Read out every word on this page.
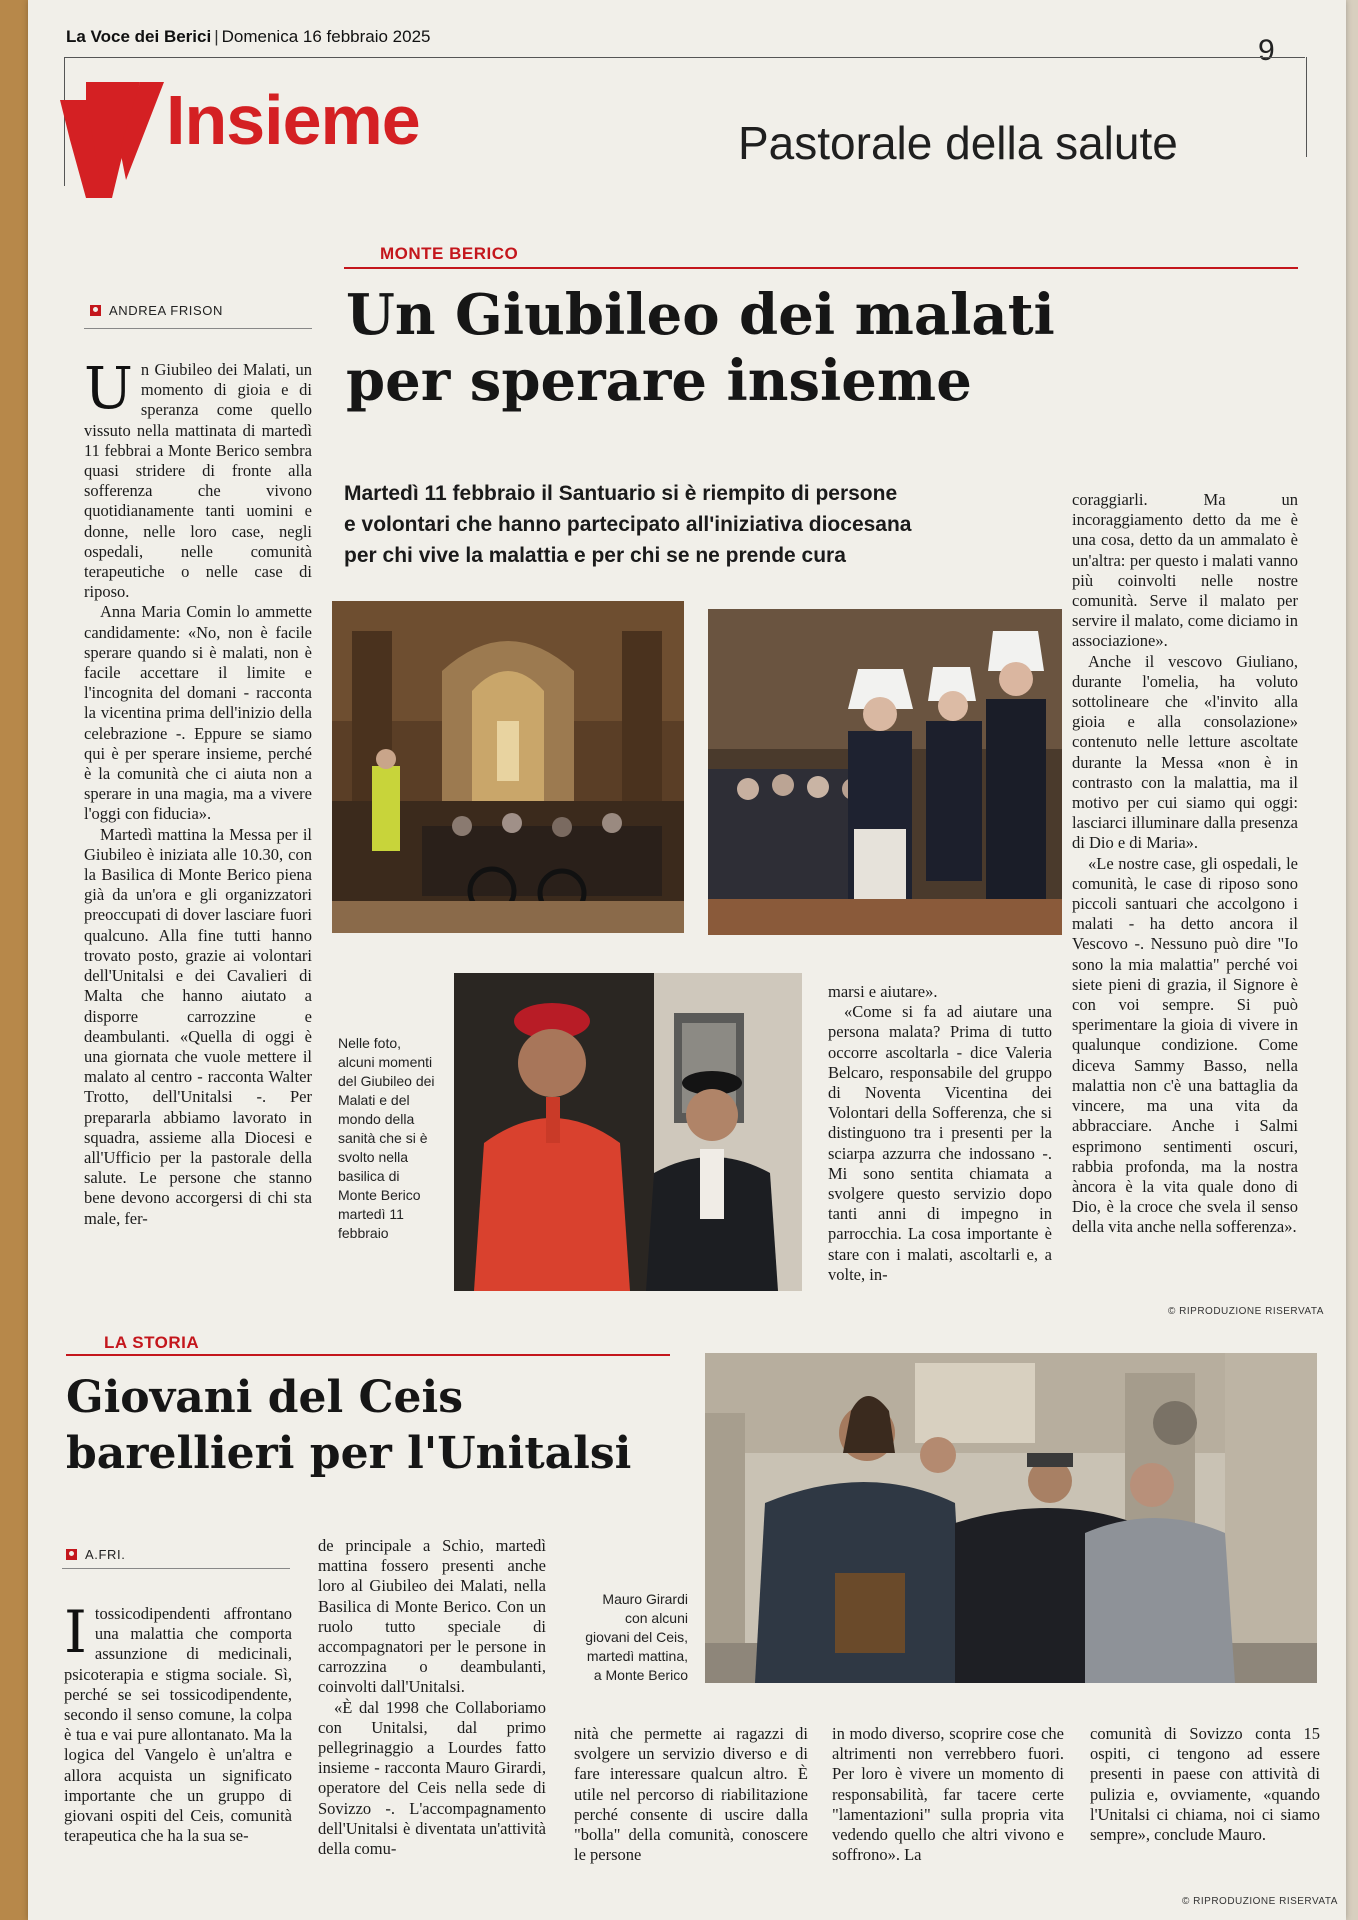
La Voce dei Berici | Domenica 16 febbraio 2025	9
Insieme	Pastorale della salute
MONTE BERICO
ANDREA FRISON Un Giubileo dei malati
per sperare insieme
Martedì 11 febbraio il Santuario si è riempito di persone
e volontari che hanno partecipato all'iniziativa diocesana
per chi vive la malattia e per chi se ne prende cura

Un Giubileo dei Malati, un momento di gioia e di speranza come quello vissuto nella mattinata di martedì 11 febbrai a Monte Berico sembra quasi stridere di fronte alla sofferenza che vivono quotidianamente tanti uomini e donne, nelle loro case, negli ospedali, nelle comunità terapeutiche o nelle case di riposo.

Anna Maria Comin lo ammette candidamente: «No, non è facile sperare quando si è malati, non è facile accettare il limite e l'incognita del domani - racconta la vicentina prima dell'inizio della celebrazione -. Eppure se siamo qui è per sperare insieme, perché è la comunità che ci aiuta non a sperare in una magia, ma a vivere l'oggi con fiducia».

Martedì mattina la Messa per il Giubileo è iniziata alle 10.30, con la Basilica di Monte Berico piena già da un'ora e gli organizzatori preoccupati di dover lasciare fuori qualcuno. Alla fine tutti hanno trovato posto, grazie ai volontari dell'Unitalsi e dei Cavalieri di Malta che hanno aiutato a disporre carrozzine e deambulanti. «Quella di oggi è una giornata che vuole mettere il malato al centro - racconta Walter Trotto, dell'Unitalsi -. Per prepararla abbiamo lavorato in squadra, assieme alla Diocesi e all'Ufficio per la pastorale della salute. Le persone che stanno bene devono accorgersi di chi sta male, fer-

Nelle foto, alcuni momenti del Giubileo dei Malati e del mondo della sanità che si è svolto nella basilica di Monte Berico martedì 11 febbraio

marsi e aiutare».

«Come si fa ad aiutare una persona malata? Prima di tutto occorre ascoltarla - dice Valeria Belcaro, responsabile del gruppo di Noventa Vicentina dei Volontari della Sofferenza, che si distinguono tra i presenti per la sciarpa azzurra che indossano -. Mi sono sentita chiamata a svolgere questo servizio dopo tanti anni di impegno in parrocchia. La cosa importante è stare con i malati, ascoltarli e, a volte, in-

coraggiarli. Ma un incoraggiamento detto da me è una cosa, detto da un ammalato è un'altra: per questo i malati vanno più coinvolti nelle nostre comunità. Serve il malato per servire il malato, come diciamo in associazione».

Anche il vescovo Giuliano, durante l'omelia, ha voluto sottolineare che «l'invito alla gioia e alla consolazione» contenuto nelle letture ascoltate durante la Messa «non è in contrasto con la malattia, ma il motivo per cui siamo qui oggi: lasciarci illuminare dalla presenza di Dio e di Maria».

«Le nostre case, gli ospedali, le comunità, le case di riposo sono piccoli santuari che accolgono i malati - ha detto ancora il Vescovo -. Nessuno può dire "Io sono la mia malattia" perché voi siete pieni di grazia, il Signore è con voi sempre. Si può sperimentare la gioia di vivere in qualunque condizione. Come diceva Sammy Basso, nella malattia non c'è una battaglia da vincere, ma una vita da abbracciare. Anche i Salmi esprimono sentimenti oscuri, rabbia profonda, ma la nostra àncora è la vita quale dono di Dio, è la croce che svela il senso della vita anche nella sofferenza».

© RIPRODUZIONE RISERVATA
LA STORIA
Giovani del Ceis
barellieri per l'Unitalsi
A.FRI.

Itossicodipendenti affrontano una malattia che comporta assunzione di medicinali, psicoterapia e stigma sociale. Sì, perché se sei tossicodipendente, secondo il senso comune, la colpa è tua e vai pure allontanato. Ma la logica del Vangelo è un'altra e allora acquista un significato importante che un gruppo di giovani ospiti del Ceis, comunità terapeutica che ha la sua se-

de principale a Schio, martedì mattina fossero presenti anche loro al Giubileo dei Malati, nella Basilica di Monte Berico. Con un ruolo tutto speciale di accompagnatori per le persone in carrozzina o deambulanti, coinvolti dall'Unitalsi.

«È dal 1998 che Collaboriamo con Unitalsi, dal primo pellegrinaggio a Lourdes fatto insieme - racconta Mauro Girardi, operatore del Ceis nella sede di Sovizzo -. L'accompagnamento dell'Unitalsi è diventata un'attività della comu-

Mauro Girardi con alcuni giovani del Ceis, martedì mattina, a Monte Berico

nità che permette ai ragazzi di svolgere un servizio diverso e di fare interessare qualcun altro. È utile nel percorso di riabilitazione perché consente di uscire dalla "bolla" della comunità, conoscere le persone

in modo diverso, scoprire cose che altrimenti non verrebbero fuori. Per loro è vivere un momento di responsabilità, far tacere certe "lamentazioni" sulla propria vita vedendo quello che altri vivono e soffrono». La

comunità di Sovizzo conta 15 ospiti, ci tengono ad essere presenti in paese con attività di pulizia e, ovviamente, «quando l'Unitalsi ci chiama, noi ci siamo sempre», conclude Mauro.

© RIPRODUZIONE RISERVATA
